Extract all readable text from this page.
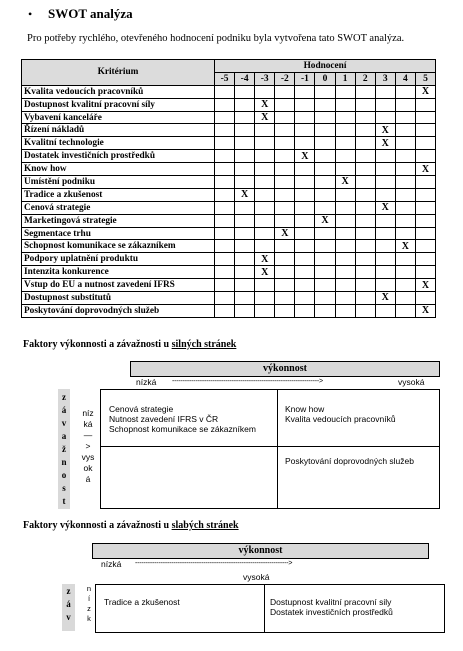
• SWOT analýza
Pro potřeby rychlého, otevřeného hodnocení podniku byla vytvořena tato SWOT analýza.
Kritérium	Hodnocení										
	-5	-4	-3	-2	-1	0	1	2	3	4	5
Kvalita vedoucích pracovníků											X
Dostupnost kvalitní pracovní síly			X								
Vybavení kanceláře			X								
Řízení nákladů									X		
Kvalitní technologie									X		
Dostatek investičních prostředků					X						
Know how											X
Umístění podniku							X				
Tradice a zkušenost		X									
Cenová strategie									X		
Marketingová strategie						X					
Segmentace trhu				X							
Schopnost komunikace se zákazníkem										X	
Podpory uplatnění produktu			X								
Intenzita konkurence			X								
Vstup do EU a nutnost zavedení IFRS											X
Dostupnost substitutů									X		
Poskytování doprovodných služeb											X
Faktory výkonnosti a závažnosti u silných stránek
výkonnost
nízká --------------------------------------------------------------------->	vysoká
z
á
v
a
ž
n
o
s
t
níz
ká
—
>
vys
ok
á
Cenová strategie
Nutnost zavedení IFRS v ČR
Schopnost komunikace se zákazníkem
Know how
Kvalita vedoucích pracovníků
Poskytování doprovodných služeb
Faktory výkonnosti a závažnosti u slabých stránek
výkonnost
nízká ------------------------------------------------------------------------>
vysoká
z
á
v
n
í
z
k
Tradice a zkušenost	Dostupnost kvalitní pracovní sily
Dostatek investičních prostředků
